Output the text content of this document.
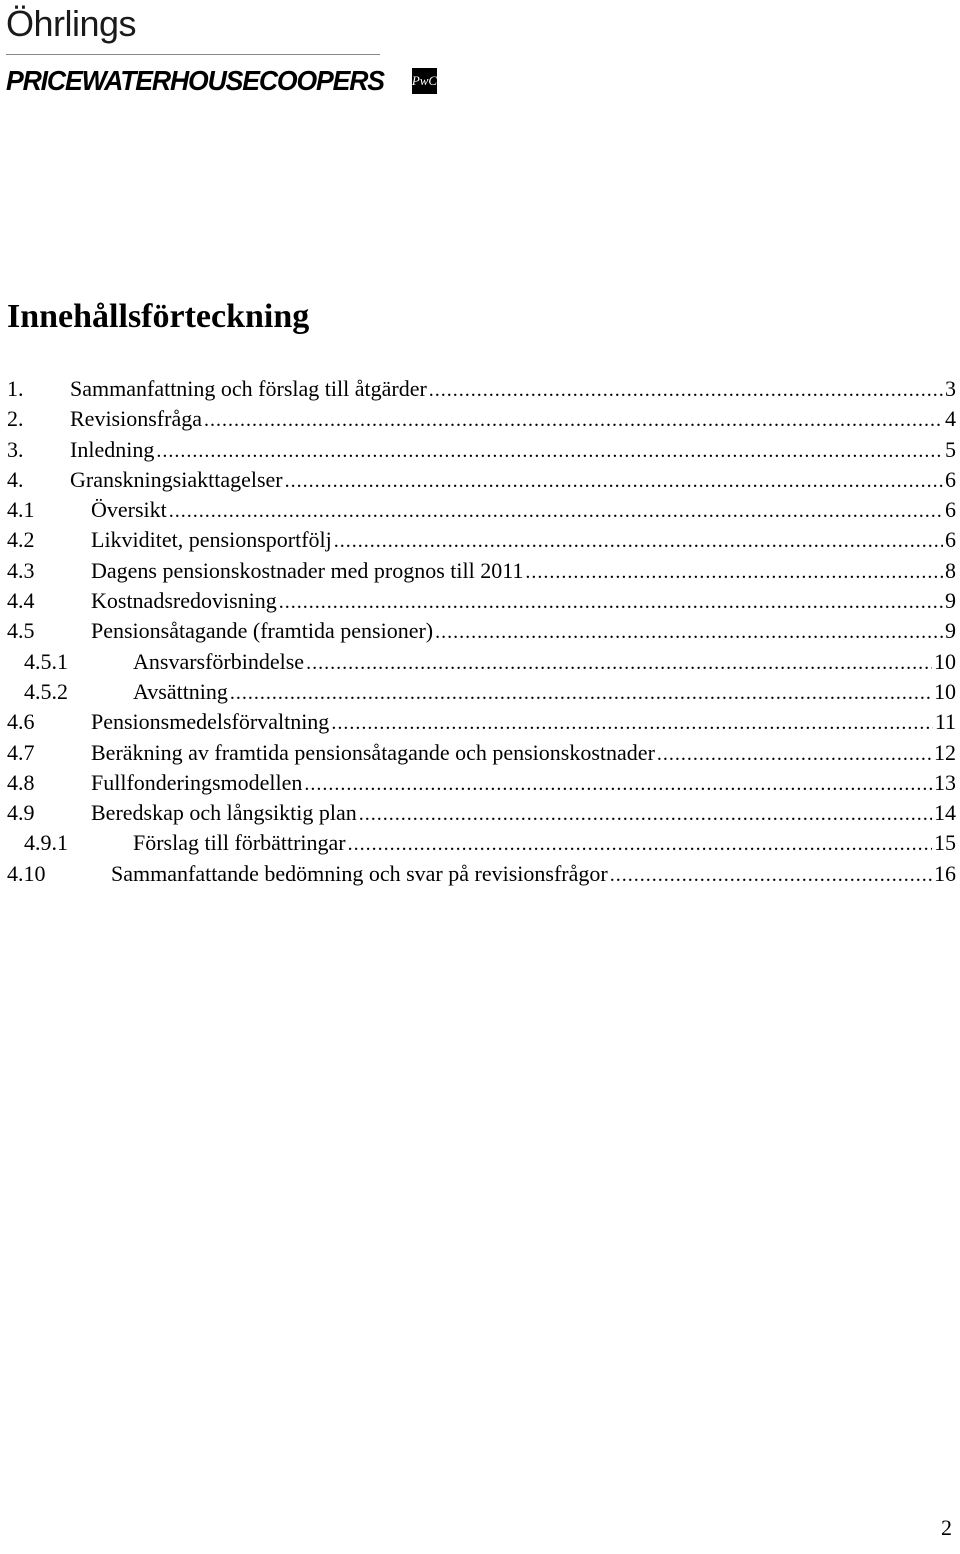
Öhrlings
PRICEWATERHOUSECOOPERS PwC
Innehållsförteckning
1. Sammanfattning och förslag till åtgärder .....	3
2. Revisionsfråga .....	4
3. Inledning .....	5
4. Granskningsiakttagelser .....	6
4.1	Översikt .....	6
4.2	Likviditet, pensionsportfölj .....	6
4.3	Dagens pensionskostnader med prognos till 2011 .....	8
4.4	Kostnadsredovisning .....	9
4.5	Pensionsåtagande (framtida pensioner) .....	9
4.5.1	Ansvarsförbindelse .....	10
4.5.2	Avsättning .....	10
4.6	Pensionsmedelsförvaltning .....	11
4.7	Beräkning av framtida pensionsåtagande och pensionskostnader .....	12
4.8	Fullfonderingsmodellen .....	13
4.9	Beredskap och långsiktig plan .....	14
4.9.1	Förslag till förbättringar .....	15
4.10	Sammanfattande bedömning och svar på revisionsfrågor .....	16
2
